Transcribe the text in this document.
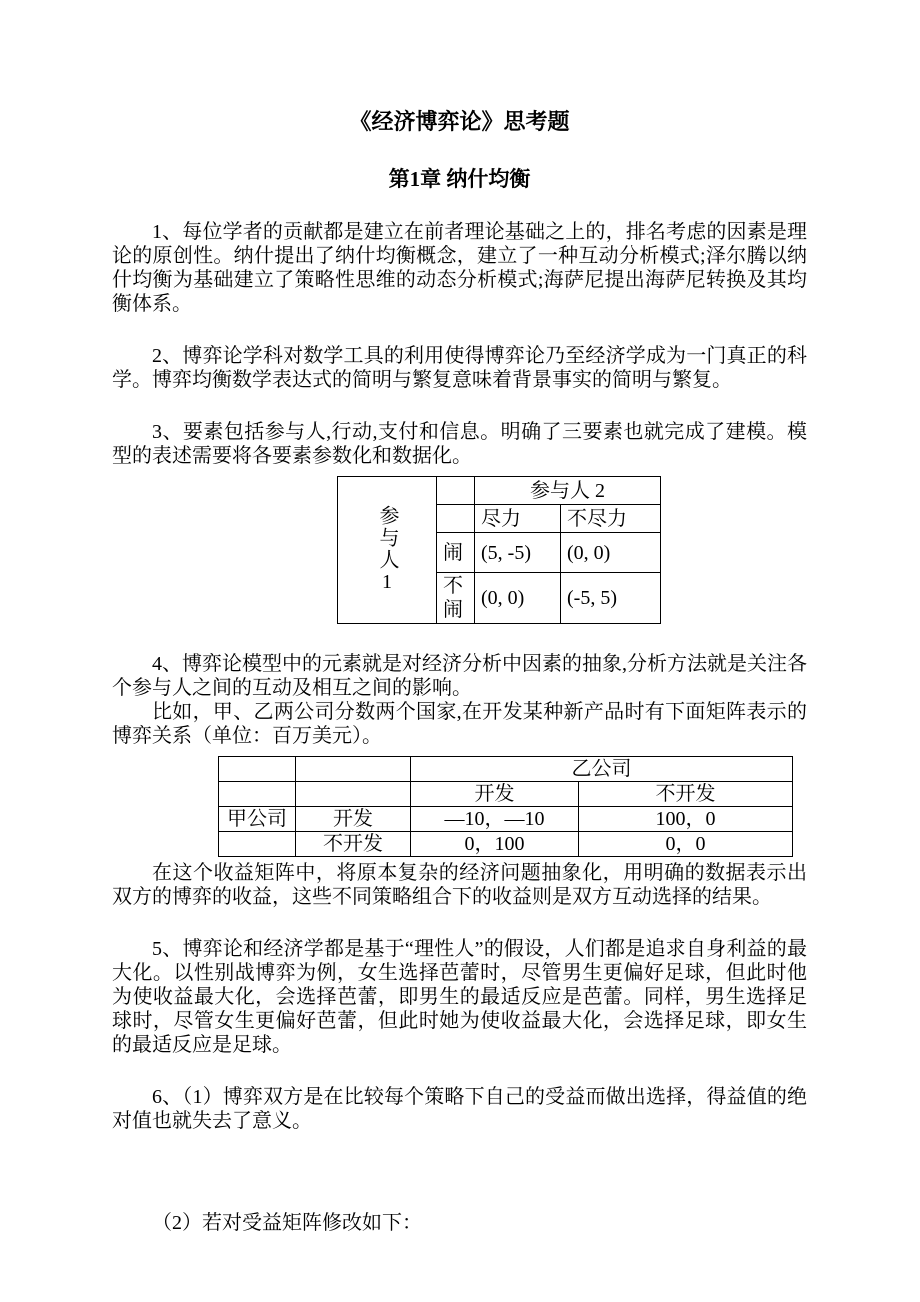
《经济博弈论》思考题
第1章 纳什均衡

1、每位学者的贡献都是建立在前者理论基础之上的，排名考虑的因素是理论的原创性。纳什提出了纳什均衡概念，建立了一种互动分析模式;泽尔腾以纳什均衡为基础建立了策略性思维的动态分析模式;海萨尼提出海萨尼转换及其均衡体系。

2、博弈论学科对数学工具的利用使得博弈论乃至经济学成为一门真正的科学。博弈均衡数学表达式的简明与繁复意味着背景事实的简明与繁复。

3、要素包括参与人,行动,支付和信息。明确了三要素也就完成了建模。模型的表述需要将各要素参数化和数据化。

参与人1		参与人 2	
		尽力	不尽力
	闹	(5, -5)	(0, 0)
	不闹	(0, 0)	(-5, 5)

4、博弈论模型中的元素就是对经济分析中因素的抽象,分析方法就是关注各个参与人之间的互动及相互之间的影响。

比如，甲、乙两公司分数两个国家,在开发某种新产品时有下面矩阵表示的博弈关系（单位：百万美元）。

		乙公司	
		开发	不开发
甲公司	开发	—10，—10	100，0
	不开发	0，100	0，0

在这个收益矩阵中，将原本复杂的经济问题抽象化，用明确的数据表示出双方的博弈的收益，这些不同策略组合下的收益则是双方互动选择的结果。

5、博弈论和经济学都是基于“理性人”的假设，人们都是追求自身利益的最大化。以性别战博弈为例，女生选择芭蕾时，尽管男生更偏好足球，但此时他为使收益最大化，会选择芭蕾，即男生的最适反应是芭蕾。同样，男生选择足球时，尽管女生更偏好芭蕾，但此时她为使收益最大化，会选择足球，即女生的最适反应是足球。

6、（1）博弈双方是在比较每个策略下自己的受益而做出选择，得益值的绝对值也就失去了意义。

（2）若对受益矩阵修改如下：
